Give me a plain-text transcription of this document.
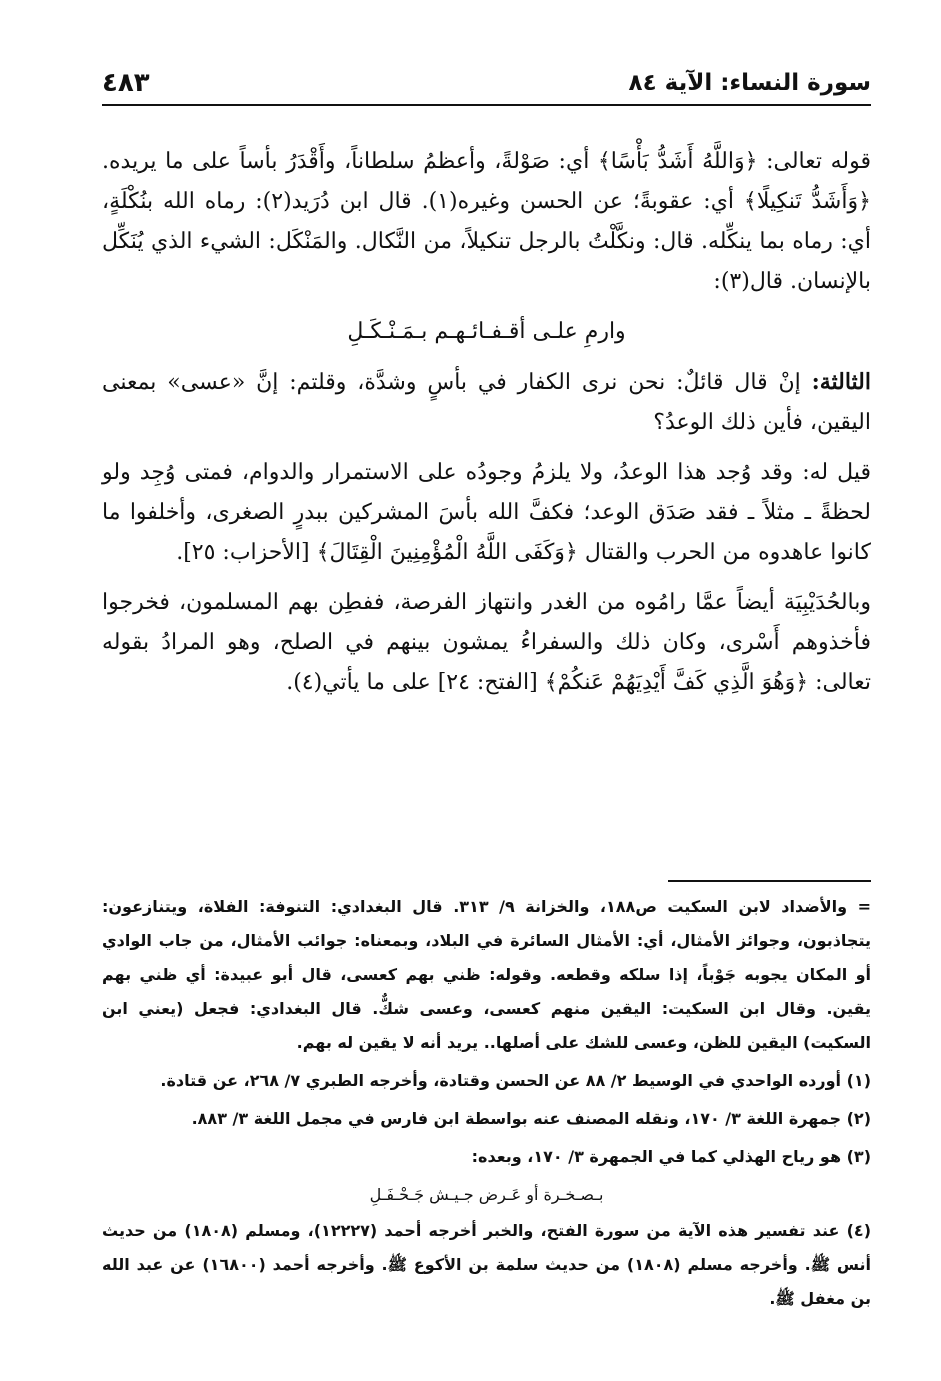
سورة النساء: الآية ٨٤
٤٨٣

قوله تعالى: ﴿وَاللَّهُ أَشَدُّ بَأْسًا﴾ أي: صَوْلةً، وأعظمُ سلطاناً، وأَقْدَرُ بأساً على ما يريده. ﴿وَأَشَدُّ تَنكِيلًا﴾ أي: عقوبةً؛ عن الحسن وغيره(١). قال ابن دُرَيد(٢): رماه الله بنُكْلَةٍ، أي: رماه بما ينكِّله. قال: ونكَّلْتُ بالرجل تنكيلاً، من النَّكال. والمَنْكَل: الشيء الذي يُنَكِّل بالإنسان. قال(٣):

وارمِ علـى أقـفـائـهـم بـمَـنْـكَـلِ

الثالثة: إنْ قال قائلٌ: نحن نرى الكفار في بأسٍ وشدَّة، وقلتم: إنَّ «عسى» بمعنى اليقين، فأين ذلك الوعدُ؟

قيل له: وقد وُجد هذا الوعدُ، ولا يلزمُ وجودُه على الاستمرار والدوام، فمتى وُجِد ولو لحظةً ـ مثلاً ـ فقد صَدَق الوعد؛ فكفَّ الله بأسَ المشركين ببدرٍ الصغرى، وأخلفوا ما كانوا عاهدوه من الحرب والقتال ﴿وَكَفَى اللَّهُ الْمُؤْمِنِينَ الْقِتَالَ﴾ [الأحزاب: ٢٥].

وبالحُدَيْبِيَة أيضاً عمَّا رامُوه من الغدر وانتهاز الفرصة، ففطِن بهم المسلمون، فخرجوا فأخذوهم أَسْرى، وكان ذلك والسفراءُ يمشون بينهم في الصلح، وهو المرادُ بقوله تعالى: ﴿وَهُوَ الَّذِي كَفَّ أَيْدِيَهُمْ عَنكُمْ﴾ [الفتح: ٢٤] على ما يأتي(٤).

= والأضداد لابن السكيت ص١٨٨، والخزانة ٩/ ٣١٣. قال البغدادي: التنوفة: الفلاة، ويتنازعون: يتجاذبون، وجوائز الأمثال، أي: الأمثال السائرة في البلاد، وبمعناه: جوائب الأمثال، من جاب الوادي أو المكان يجوبه جَوْباً، إذا سلكه وقطعه. وقوله: ظني بهم كعسى، قال أبو عبيدة: أي ظني بهم يقين. وقال ابن السكيت: اليقين منهم كعسى، وعسى شكٌّ. قال البغدادي: فجعل (يعني ابن السكيت) اليقين للظن، وعسى للشك على أصلها.. يريد أنه لا يقين له بهم.

(١) أورده الواحدي في الوسيط ٢/ ٨٨ عن الحسن وقتادة، وأخرجه الطبري ٧/ ٢٦٨، عن قتادة.

(٢) جمهرة اللغة ٣/ ١٧٠، ونقله المصنف عنه بواسطة ابن فارس في مجمل اللغة ٣/ ٨٨٣.

(٣) هو رياح الهذلي كما في الجمهرة ٣/ ١٧٠، وبعده:

بـصـخـرة أو عَـرض جـيـش جَـحْـفَـلِ

(٤) عند تفسير هذه الآية من سورة الفتح، والخبر أخرجه أحمد (١٢٢٢٧)، ومسلم (١٨٠٨) من حديث أنس ﷺ. وأخرجه مسلم (١٨٠٨) من حديث سلمة بن الأكوع ﷺ. وأخرجه أحمد (١٦٨٠٠) عن عبد الله بن مغفل ﷺ.
